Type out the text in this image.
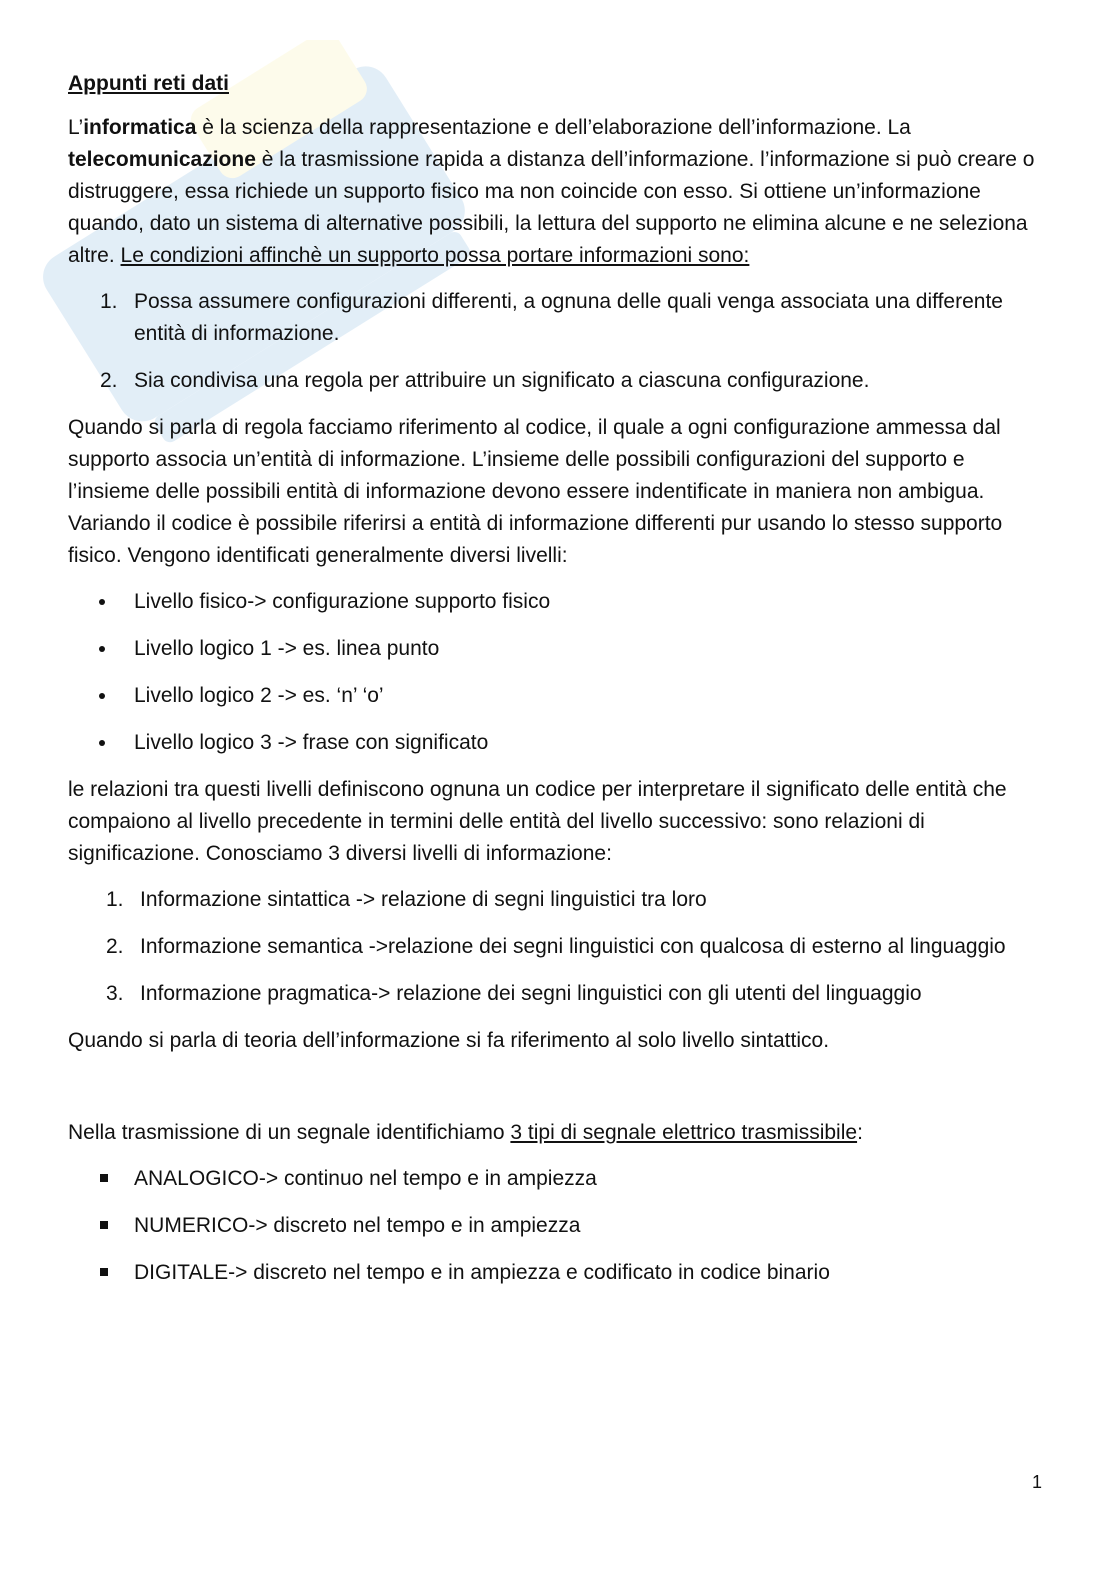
Appunti reti dati

L’informatica è la scienza della rappresentazione e dell’elaborazione dell’informazione. La telecomunicazione è la trasmissione rapida a distanza dell’informazione. l’informazione si può creare o distruggere, essa richiede un supporto fisico ma non coincide con esso. Si ottiene un’informazione quando, dato un sistema di alternative possibili, la lettura del supporto ne elimina alcune e ne seleziona altre. Le condizioni affinchè un supporto possa portare informazioni sono:

1. Possa assumere configurazioni differenti, a ognuna delle quali venga associata una differente entità di informazione.
2. Sia condivisa una regola per attribuire un significato a ciascuna configurazione.

Quando si parla di regola facciamo riferimento al codice, il quale a ogni configurazione ammessa dal supporto associa un’entità di informazione. L’insieme delle possibili configurazioni del supporto e l’insieme delle possibili entità di informazione devono essere indentificate in maniera non ambigua. Variando il codice è possibile riferirsi a entità di informazione differenti pur usando lo stesso supporto fisico. Vengono identificati generalmente diversi livelli:

Livello fisico-> configurazione supporto fisico
Livello logico 1 -> es. linea punto
Livello logico 2 -> es. ‘n’ ‘o’
Livello logico 3 -> frase con significato

le relazioni tra questi livelli definiscono ognuna un codice per interpretare il significato delle entità che compaiono al livello precedente in termini delle entità del livello successivo: sono relazioni di significazione. Conosciamo 3 diversi livelli di informazione:

1. Informazione sintattica -> relazione di segni linguistici tra loro
2. Informazione semantica ->relazione dei segni linguistici con qualcosa di esterno al linguaggio
3. Informazione pragmatica-> relazione dei segni linguistici con gli utenti del linguaggio

Quando si parla di teoria dell’informazione si fa riferimento al solo livello sintattico.

Nella trasmissione di un segnale identifichiamo 3 tipi di segnale elettrico trasmissibile:

ANALOGICO-> continuo nel tempo e in ampiezza
NUMERICO-> discreto nel tempo e in ampiezza
DIGITALE-> discreto nel tempo e in ampiezza e codificato in codice binario
1
